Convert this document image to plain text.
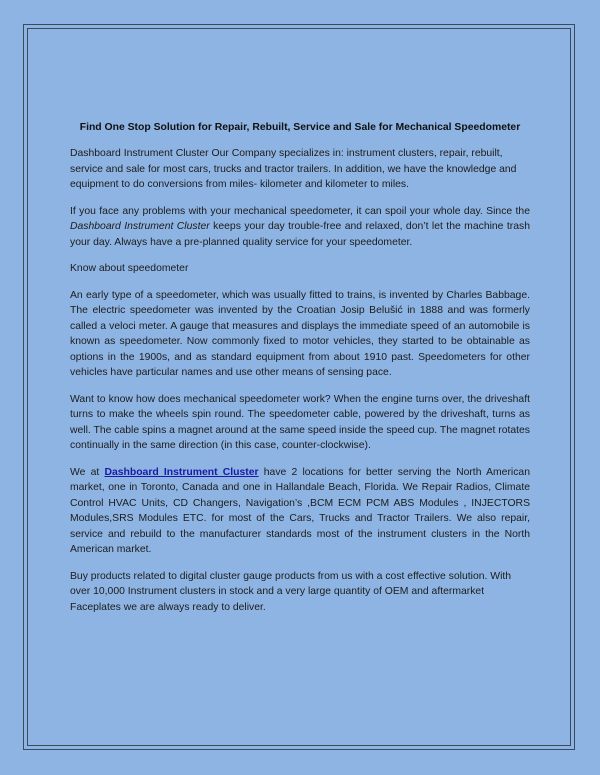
Find One Stop Solution for Repair, Rebuilt, Service and Sale for Mechanical Speedometer

Dashboard Instrument Cluster Our Company specializes in: instrument clusters, repair, rebuilt, service and sale for most cars, trucks and tractor trailers. In addition, we have the knowledge and equipment to do conversions from miles- kilometer and kilometer to miles.

If you face any problems with your mechanical speedometer, it can spoil your whole day. Since the Dashboard Instrument Cluster keeps your day trouble-free and relaxed, don’t let the machine trash your day. Always have a pre-planned quality service for your speedometer.

Know about speedometer

An early type of a speedometer, which was usually fitted to trains, is invented by Charles Babbage. The electric speedometer was invented by the Croatian Josip Belušić in 1888 and was formerly called a veloci meter. A gauge that measures and displays the immediate speed of an automobile is known as speedometer. Now commonly fixed to motor vehicles, they started to be obtainable as options in the 1900s, and as standard equipment from about 1910 past. Speedometers for other vehicles have particular names and use other means of sensing pace.

Want to know how does mechanical speedometer work? When the engine turns over, the driveshaft turns to make the wheels spin round. The speedometer cable, powered by the driveshaft, turns as well. The cable spins a magnet around at the same speed inside the speed cup. The magnet rotates continually in the same direction (in this case, counter-clockwise).

We at Dashboard Instrument Cluster have 2 locations for better serving the North American market, one in Toronto, Canada and one in Hallandale Beach, Florida. We Repair Radios, Climate Control HVAC Units, CD Changers, Navigation’s ,BCM ECM PCM ABS Modules , INJECTORS Modules,SRS Modules ETC. for most of the Cars, Trucks and Tractor Trailers. We also repair, service and rebuild to the manufacturer standards most of the instrument clusters in the North American market.

Buy products related to digital cluster gauge products from us with a cost effective solution. With over 10,000 Instrument clusters in stock and a very large quantity of OEM and aftermarket Faceplates we are always ready to deliver.
